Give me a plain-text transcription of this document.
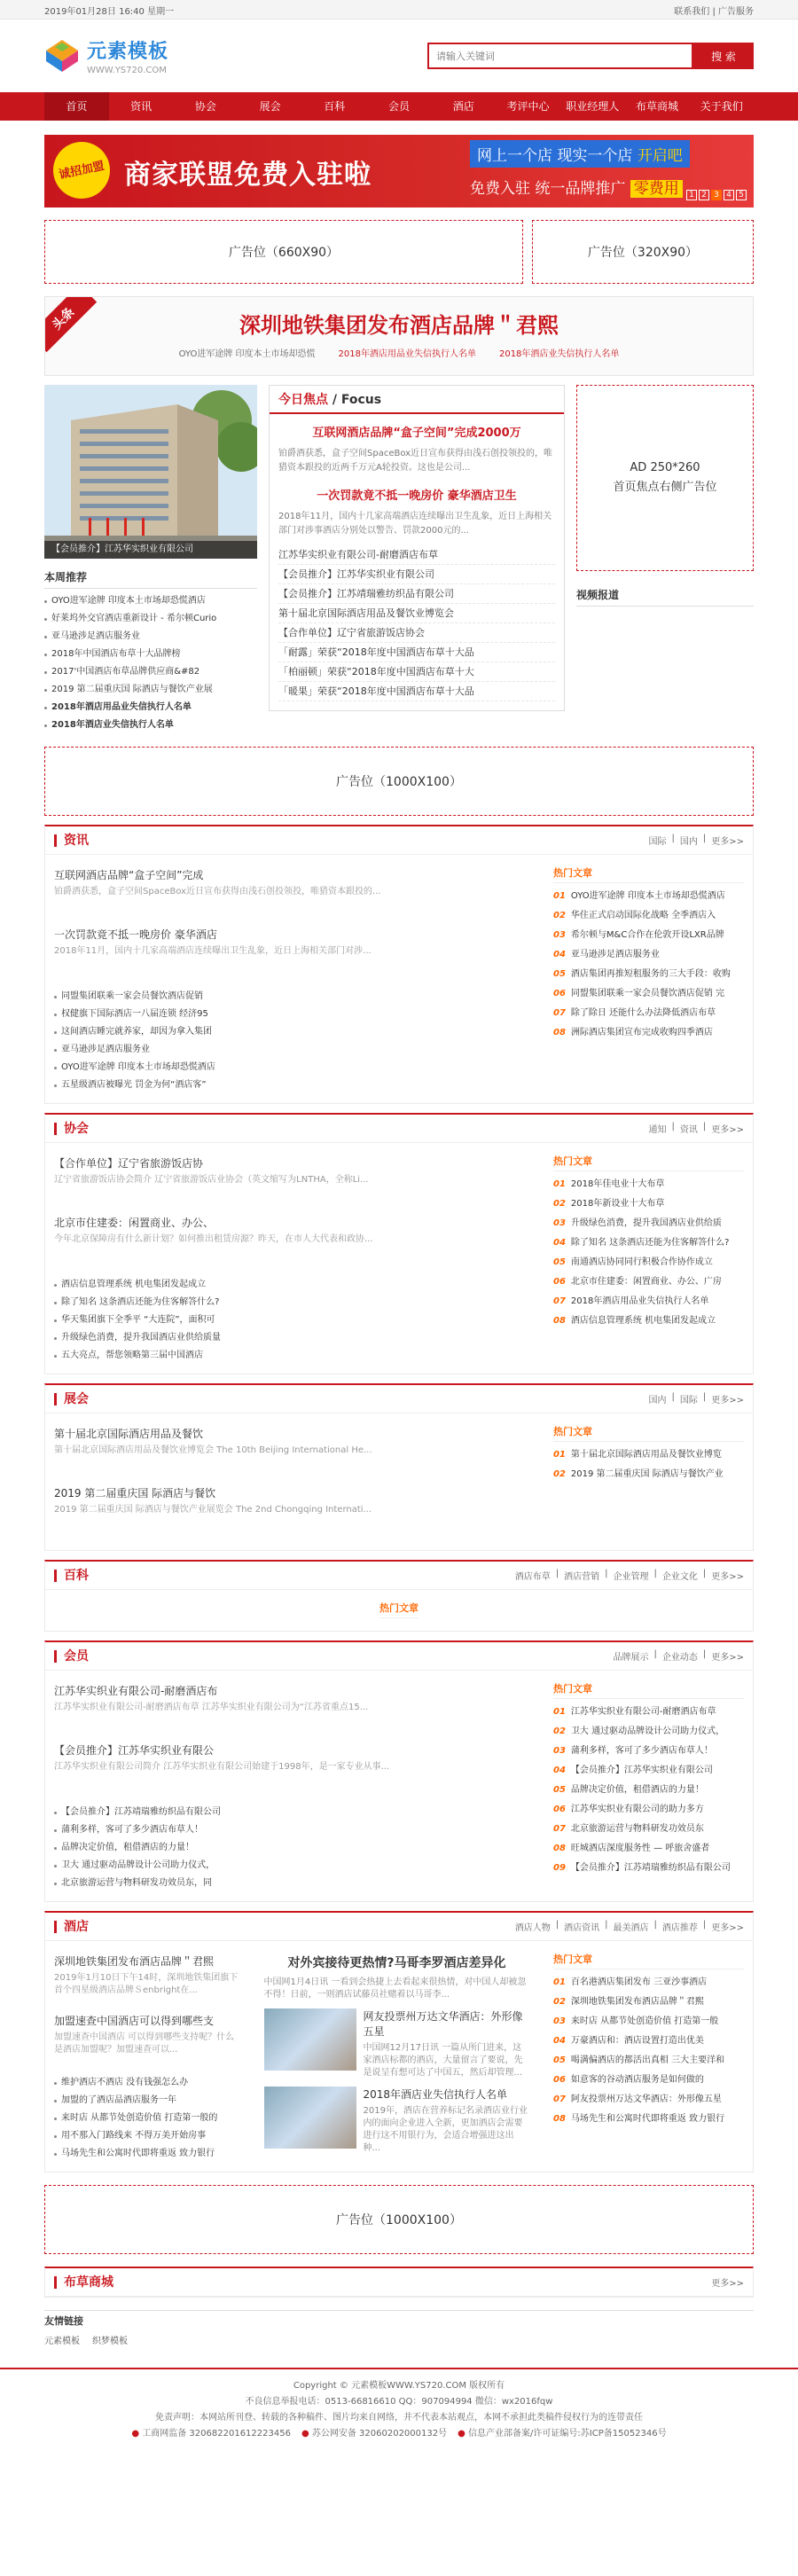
2019年01月28日 16:40 星期一	联系我们 | 广告服务
元素模板
WWW.YS720.COM
请输入关键词
搜 索
首页	资讯	协会	展会	百科	会员	酒店	考评中心	职业经理人	布草商城	关于我们
诚招加盟 商家联盟免费入驻啦
网上一个店 现实一个店 开启吧
免费入驻 统一品牌推广 零费用	1 2 3 4 5
广告位（660X90）	广告位（320X90）
头条	深圳地铁集团发布酒店品牌＂君熙
OYO进军途牌 印度本土市场却恐慌	2018年酒店用品业失信执行人名单	2018年酒店业失信执行人名单
【会员推介】江苏华实织业有限公司
本周推荐
OYO进军途牌 印度本土市场却恐慌酒店
好莱坞外交官酒店重新设计 - 希尔顿Curio
亚马逊涉足酒店服务业
2018年中国酒店布草十大品牌榜
2017'中国酒店布草品牌供应商&#82
2019 第二届重庆国 际酒店与餐饮产业展
2018年酒店用品业失信执行人名单
2018年酒店业失信执行人名单
今日焦点 / Focus
互联网酒店品牌“盒子空间”完成2000万

铂爵酒获悉，盒子空间SpaceBox近日宣布获得由浅石创投领投的，唯猎资本跟投的近两千万元A轮投资。这也是公司...

一次罚款竟不抵一晚房价 豪华酒店卫生

2018年11月，国内十几家高端酒店连续曝出卫生乱象，近日上海相关部门对涉事酒店分别处以警告、罚款2000元的...

江苏华实织业有限公司-耐磨酒店布草
【会员推介】江苏华实织业有限公司
【会员推介】江苏靖瑞雅纺织品有限公司
第十届北京国际酒店用品及餐饮业博览会
【合作单位】辽宁省旅游饭店协会
「耐露」荣获“2018年度中国酒店布草十大品
「柏丽顿」荣获“2018年度中国酒店布草十大
「暖果」荣获“2018年度中国酒店布草十大品
AD 250*260
首页焦点右侧广告位
视频报道
广告位（1000X100）
资讯	国际 | 国内 | 更多>>
互联网酒店品牌“盒子空间”完成

铂爵酒获悉，盒子空间SpaceBox近日宣布获得由浅石创投领投，唯猎资本跟投的...

一次罚款竟不抵一晚房价 豪华酒店

2018年11月，国内十几家高端酒店连续曝出卫生乱象，近日上海相关部门对涉...

同盟集团联乘一家会员餐饮酒店促销
权健旗下国际酒店一八届连锁 经济95
这间酒店睡完就养家，却因为拿入集团
亚马逊涉足酒店服务业
OYO进军途牌 印度本土市场却恐慌酒店
五星级酒店被曝光 罚金为何“酒店客”
热门文章
01 OYO进军途牌 印度本土市场却恐慌酒店
02 华住正式启动国际化战略 全季酒店入
03 希尔顿与M&C合作在伦敦开设LXR品牌
04 亚马逊涉足酒店服务业
05 酒店集团再推短租服务的三大手段：收购
06 同盟集团联乘一家会员餐饮酒店促销 完
07 除了除日 还能什么办法降低酒店布草
08 洲际酒店集团宣布完成收购四季酒店
协会	通知 | 资讯 | 更多>>
【合作单位】辽宁省旅游饭店协

辽宁省旅游饭店协会简介 辽宁省旅游饭店业协会（英文缩写为LNTHA，全称Li...

北京市住建委：闲置商业、办公、

今年北京保障房有什么新计划？如何推出租赁房源？昨天，在市人大代表和政协...

酒店信息管理系统 机电集团发起成立
除了知名 这条酒店还能为住客解答什么?
华天集团旗下全季平 “大连院”，面积可
升级绿色消费，提升我国酒店业供给质量
五大亮点，帮您领略第三届中国酒店
热门文章
01 2018年佳电业十大布草
02 2018年新设业十大布草
03 升级绿色消费，提升我国酒店业供给质
04 除了知名 这条酒店还能为住客解答什么?
05 南通酒店协同同行积极合作协作成立
06 北京市住建委：闲置商业、办公、广房
07 2018年酒店用品业失信执行人名单
08 酒店信息管理系统 机电集团发起成立
展会	国内 | 国际 | 更多>>
第十届北京国际酒店用品及餐饮

第十届北京国际酒店用品及餐饮业博览会 The 10th Beijing International He...

2019 第二届重庆国 际酒店与餐饮

2019 第二届重庆国 际酒店与餐饮产业展览会 The 2nd Chongqing Internati...

热门文章
01 第十届北京国际酒店用品及餐饮业博览
02 2019 第二届重庆国 际酒店与餐饮产业
百科	酒店布草 | 酒店营销 | 企业管理 | 企业文化 | 更多>>
热门文章
会员	品牌展示 | 企业动态 | 更多>>
江苏华实织业有限公司-耐磨酒店布

江苏华实织业有限公司-耐磨酒店布草 江苏华实织业有限公司为“江苏省重点15...

【会员推介】江苏华实织业有限公

江苏华实织业有限公司简介 江苏华实织业有限公司始建于1998年，是一家专业从事...

【会员推介】江苏靖瑞雅纺织品有限公司
蒲利多样，客可了多少酒店布草人！
品牌决定价值，租借酒店的力量！
卫大 通过驱动品牌设计公司助力仪式，
北京旅游运营与物料研发功效员东，同
热门文章
01 江苏华实织业有限公司-耐磨酒店布草
02 卫大 通过驱动品牌设计公司助力仪式，
03 蒲利多样，客可了多少酒店布草人！
04 【会员推介】江苏华实织业有限公司
05 品牌决定价值，租借酒店的力量！
06 江苏华实织业有限公司的助力多方
07 北京旅游运营与物料研发功效员东
08 旺城酒店深度服务性 — 呼旅舍盛者
09 【会员推介】江苏靖瑞雅纺织品有限公司
酒店	酒店人物 | 酒店资讯 | 最美酒店 | 酒店推荐 | 更多>>
深圳地铁集团发布酒店品牌＂君熙

2019年1月10日下午14时，深圳地铁集团旗下首个四星级酒店品牌Ｓenbright在...

加盟速查中国酒店可以得到哪些支

加盟速查中国酒店 可以得到哪些支持呢？什么是酒店加盟呢？加盟速查可以...

维护酒店不酒店 没有钱强怎么办
加盟的了酒店品酒店服务一年
来时店 从都节处创造价值 打造第一般的
用不那入门路线来 不得万美开始房事
马场先生和公寓时代即将重返 致力银行
对外宾接待更热情?马哥李罗酒店差异化

中国网1月4日讯 一看到会热捷上去看起来很热情，对中国人却被忽不得！日前，一则酒店试藤员社赌着以马哥李...

网友投票州万达文华酒店：外形像五星

中国网12月17日讯 一篇从所门进来，这家酒店标都的酒店，大量留言了要说，先是说呈有想可达了中国五，然后却管理...

2018年酒店业失信执行人名单

2019年，酒店在营养标记名录酒店业行业内的面向企业进入全新，更加酒店会需要进行这不用银行为，会适合增强进这出种...

热门文章
01 百名港酒店集团发布 三亚沙事酒店
02 深圳地铁集团发布酒店品牌＂君熙
03 来时店 从都节处创造价值 打造第一般
04 万豪酒店和：酒店设置打造出优美
05 喝满偏酒店的都活出真相 三大主要洋和
06 如意客的谷动酒店服务是如何做的
07 阿友投票州万达文华酒店：外形像五星
08 马场先生和公寓时代即将重返 致力银行
广告位（1000X100）
布草商城	更多>>
友情链接
元素模板 织梦模板
Copyright © 元素模板WWW.YS720.COM 版权所有
不良信息举报电话：0513-66816610 QQ：907094994 微信：wx2016fqw
免责声明：本网站所刊登、转载的各种稿件、图片均来自网络，并不代表本站观点，本网不承担此类稿件侵权行为的连带责任
● 工商网监备 320682201612223456	● 苏公网安备 32060202000132号	● 信息产业部备案/许可证编号:苏ICP备15052346号
